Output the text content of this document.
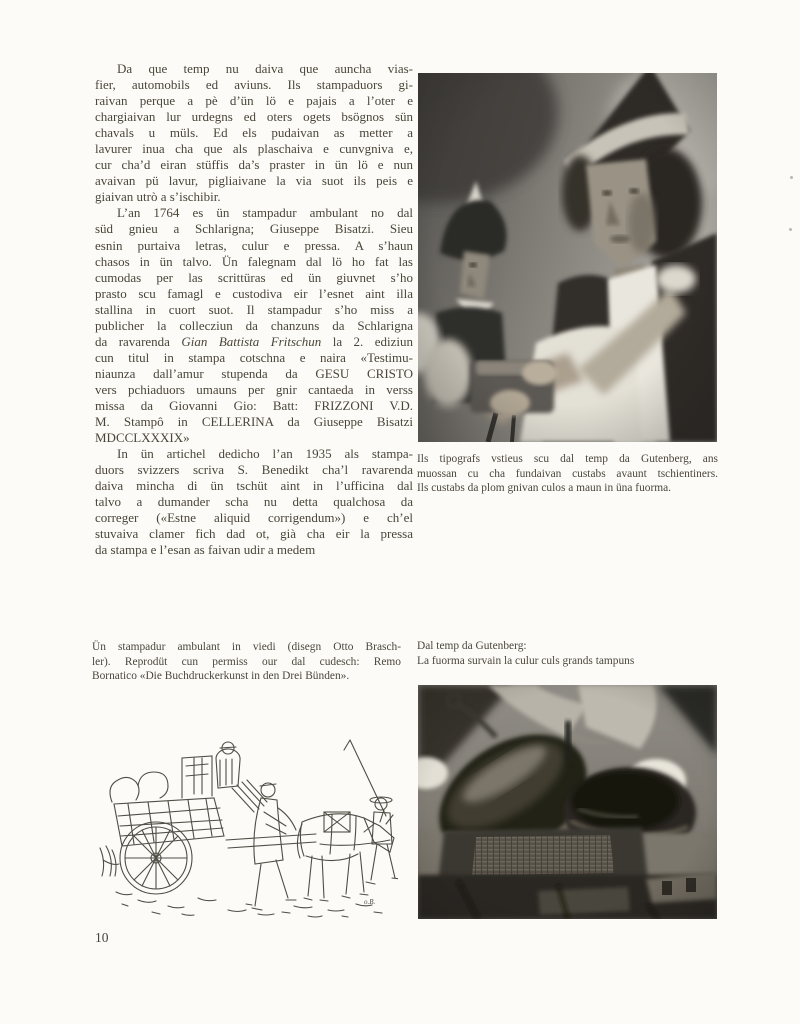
Da que temp nu daiva que auncha vias-
fier, automobils ed aviuns. Ils stampaduors gi-
raivan perque a pè d’ün lö e pajais a l’oter e
chargiaivan lur urdegns ed oters ogets bsögnos sün
chavals u müls. Ed els pudaivan as metter a
lavurer inua cha que als plaschaiva e cunvgniva e,
cur cha’d eiran stüffis da’s praster in ün lö e nun
avaivan pü lavur, pigliaivane la via suot ils peis e
giaivan utrò a s’ischibir.
L’an 1764 es ün stampadur ambulant no dal
süd gnieu a Schlarigna; Giuseppe Bisatzi. Sieu
esnin purtaiva letras, culur e pressa. A s’haun
chasos in ün talvo. Ün falegnam dal lö ho fat las
cumodas per las scrittüras ed ün giuvnet s’ho
prasto scu famagl e custodiva eir l’esnet aint illa
stallina in cuort suot. Il stampadur s’ho miss a
publicher la collecziun da chanzuns da Schlarigna
da ravarenda Gian Battista Fritschun la 2. ediziun
cun titul in stampa cotschna e naira «Testimu-
niaunza dall’amur stupenda da GESU CRISTO
vers pchiaduors umauns per gnir cantaeda in verss
missa da Giovanni Gio: Batt: FRIZZONI V.D.
M. Stampô in CELLERINA da Giuseppe Bisatzi
MDCCLXXXIX»
In ün artichel dedicho l’an 1935 als stampa-
duors svizzers scriva S. Benedikt cha’l ravarenda
daiva mincha di ün tschüt aint in l’ufficina dal
talvo a dumander scha nu detta qualchosa da
correger («Estne aliquid corrigendum») e ch’el
stuvaiva clamer fich dad ot, già cha eir la pressa
da stampa e l’esan as faivan udir a medem
Ils tipografs vstieus scu dal temp da Gutenberg, ans
muossan cu cha fundaivan custabs avaunt tschientiners.
Ils custabs da plom gnivan culos a maun in üna fuorma.
Ün stampadur ambulant in viedi (disegn Otto Brasch-
ler). Reprodüt cun permiss our dal cudesch: Remo
Bornatico «Die Buchdruckerkunst in den Drei Bünden».
Dal temp da Gutenberg:
La fuorma survain la culur culs grands tampuns
o.B.
10
